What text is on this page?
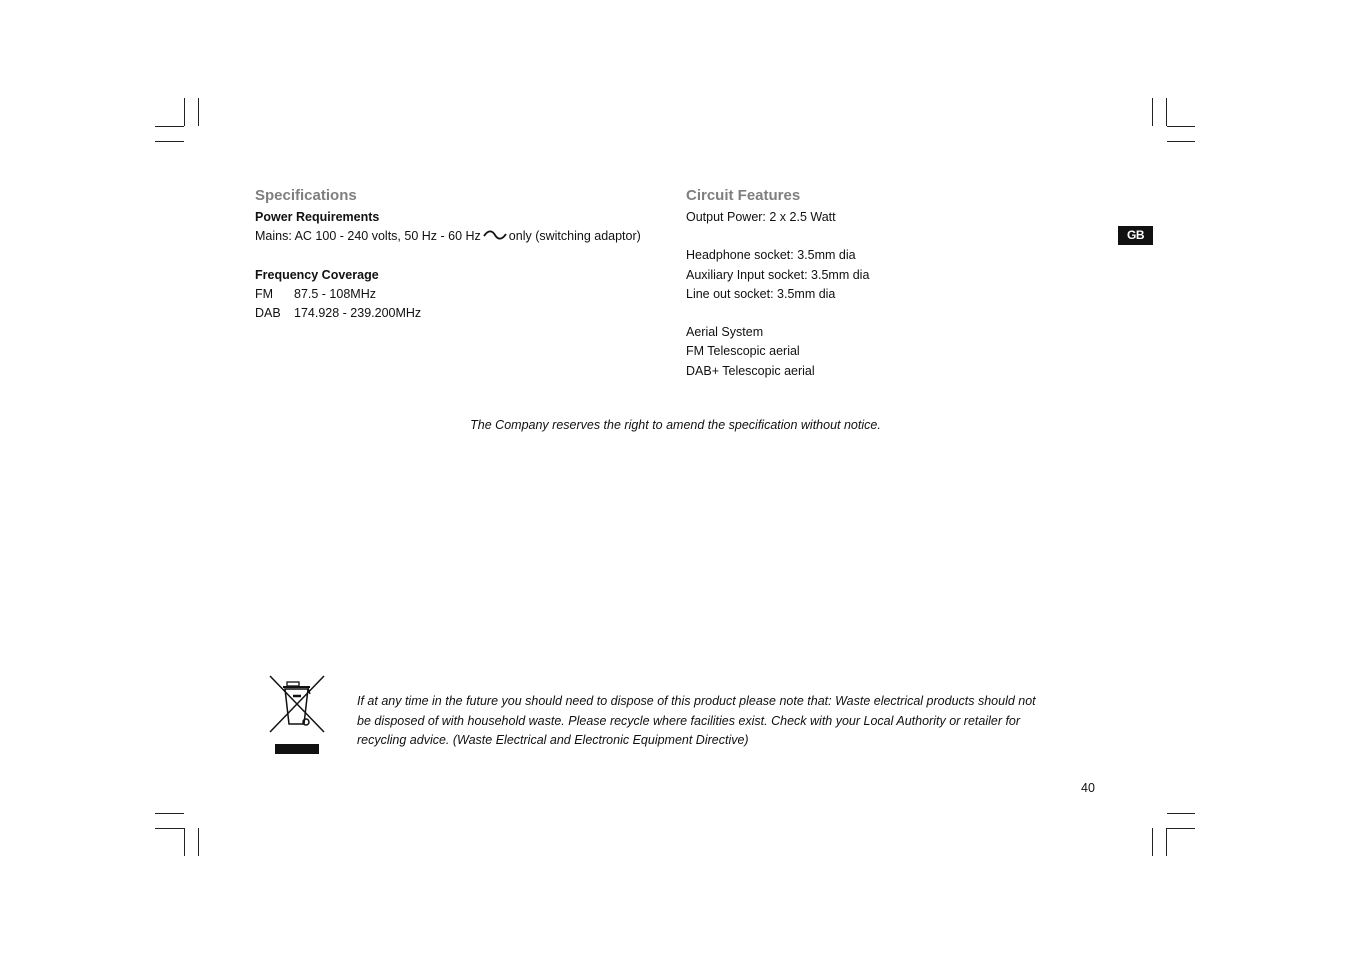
Specifications
Power Requirements
Mains: AC 100 - 240 volts, 50 Hz - 60 Hz only (switching adaptor)
Frequency Coverage
FM 87.5 - 108MHz
DAB 174.928 - 239.200MHz
Circuit Features
Output Power: 2 x 2.5 Watt
Headphone socket: 3.5mm dia
Auxiliary Input socket: 3.5mm dia
Line out socket: 3.5mm dia
Aerial System
FM Telescopic aerial
DAB+ Telescopic aerial
GB
The Company reserves the right to amend the specification without notice.
If at any time in the future you should need to dispose of this product please note that: Waste electrical products should not
be disposed of with household waste. Please recycle where facilities exist. Check with your Local Authority or retailer for
recycling advice. (Waste Electrical and Electronic Equipment Directive)
40
